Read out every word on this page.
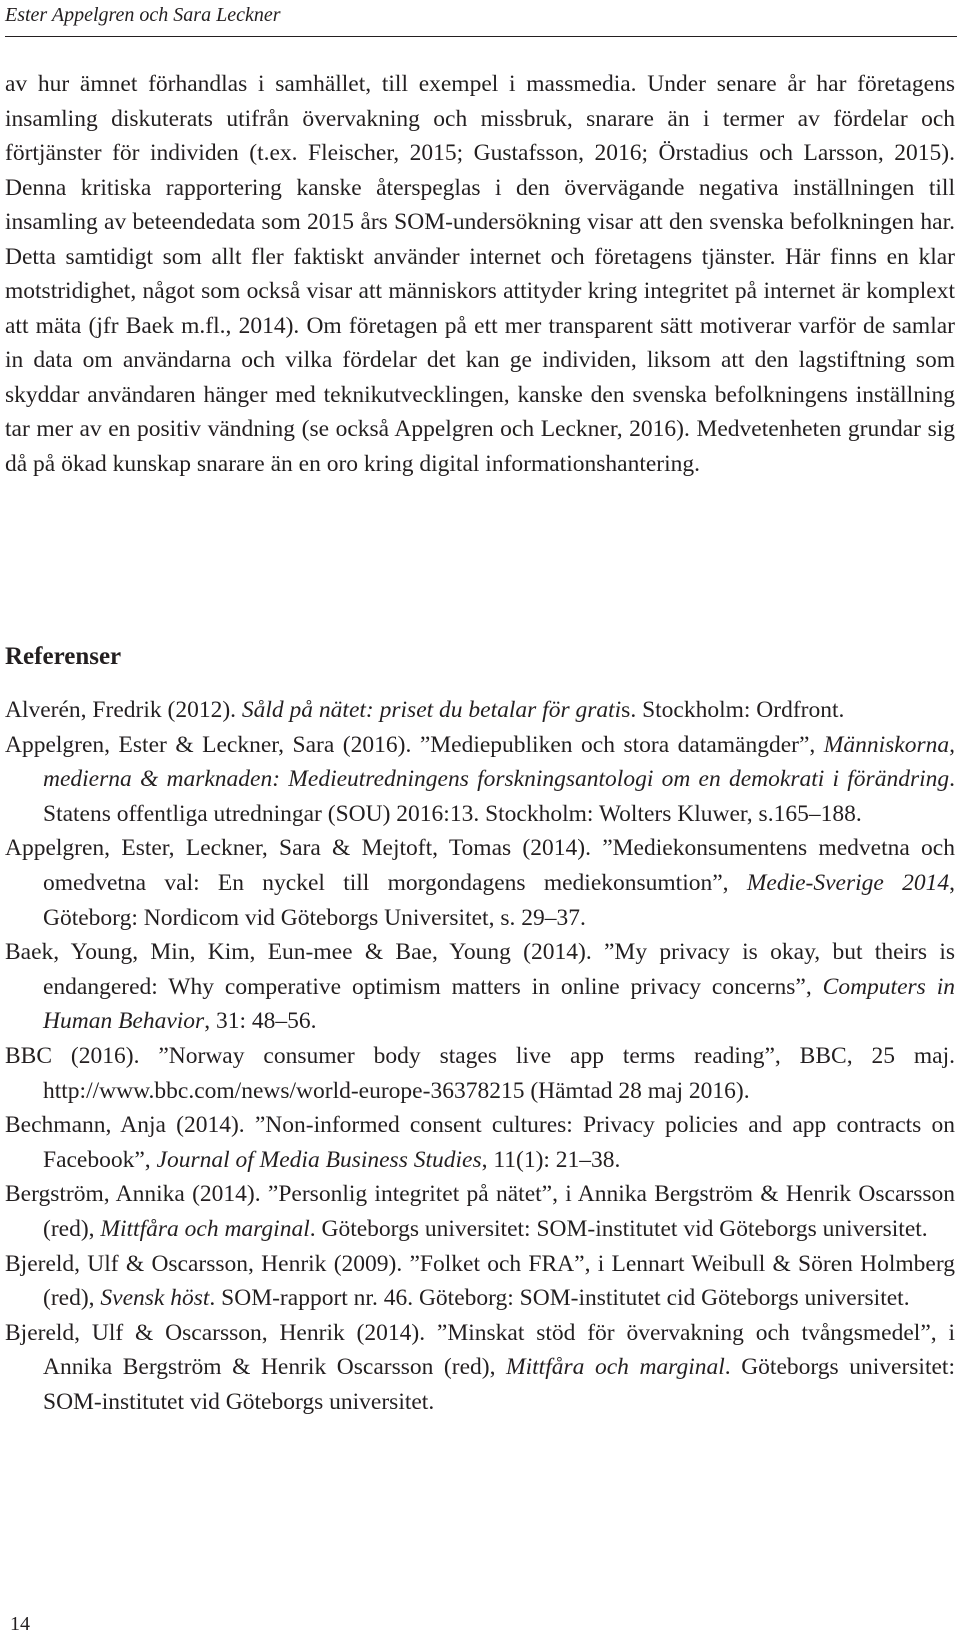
Ester Appelgren och Sara Leckner

av hur ämnet förhandlas i samhället, till exempel i massmedia. Under senare år har företagens insamling diskuterats utifrån övervakning och missbruk, snarare än i termer av fördelar och förtjänster för individen (t.ex. Fleischer, 2015; Gustafsson, 2016; Örstadius och Larsson, 2015). Denna kritiska rapportering kanske återspeglas i den övervägande negativa inställningen till insamling av beteendedata som 2015 års SOM-undersökning visar att den svenska befolkningen har. Detta samtidigt som allt fler faktiskt använder internet och företagens tjänster. Här finns en klar motstridighet, något som också visar att människors attityder kring integritet på internet är komplext att mäta (jfr Baek m.fl., 2014). Om företagen på ett mer transparent sätt motiverar varför de samlar in data om användarna och vilka fördelar det kan ge individen, liksom att den lagstiftning som skyddar användaren hänger med teknikutvecklingen, kanske den svenska befolkningens inställning tar mer av en positiv vändning (se också Appelgren och Leckner, 2016). Medvetenheten grundar sig då på ökad kunskap snarare än en oro kring digital informationshantering.

Referenser

Alverén, Fredrik (2012). Såld på nätet: priset du betalar för gratis. Stockholm: Ordfront.

Appelgren, Ester & Leckner, Sara (2016). ”Mediepubliken och stora datamängder”, Människorna, medierna & marknaden: Medieutredningens forskningsantologi om en demokrati i förändring. Statens offentliga utredningar (SOU) 2016:13. Stockholm: Wolters Kluwer, s.165–188.

Appelgren, Ester, Leckner, Sara & Mejtoft, Tomas (2014). ”Mediekonsumentens medvetna och omedvetna val: En nyckel till morgondagens mediekonsumtion”, Medie-Sverige 2014, Göteborg: Nordicom vid Göteborgs Universitet, s. 29–37.

Baek, Young, Min, Kim, Eun-mee & Bae, Young (2014). ”My privacy is okay, but theirs is endangered: Why comperative optimism matters in online privacy concerns”, Computers in Human Behavior, 31: 48–56.

BBC (2016). ”Norway consumer body stages live app terms reading”, BBC, 25 maj. http://www.bbc.com/news/world-europe-36378215 (Hämtad 28 maj 2016).

Bechmann, Anja (2014). ”Non-informed consent cultures: Privacy policies and app contracts on Facebook”, Journal of Media Business Studies, 11(1): 21–38.

Bergström, Annika (2014). ”Personlig integritet på nätet”, i Annika Bergström & Henrik Oscarsson (red), Mittfåra och marginal. Göteborgs universitet: SOM-institutet vid Göteborgs universitet.

Bjereld, Ulf & Oscarsson, Henrik (2009). ”Folket och FRA”, i Lennart Weibull & Sören Holmberg (red), Svensk höst. SOM-rapport nr. 46. Göteborg: SOM-institutet cid Göteborgs universitet.

Bjereld, Ulf & Oscarsson, Henrik (2014). ”Minskat stöd för övervakning och tvångsmedel”, i Annika Bergström & Henrik Oscarsson (red), Mittfåra och marginal. Göteborgs universitet: SOM-institutet vid Göteborgs universitet.

14
